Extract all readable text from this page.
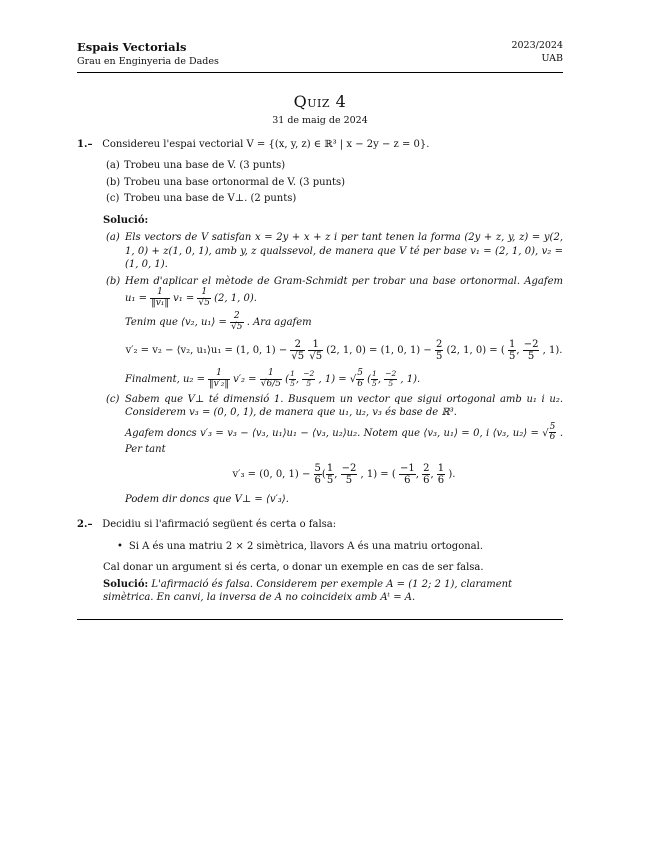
Espais Vectorials
Grau en Enginyeria de Dades
2023/2024
UAB
Quiz 4
31 de maig de 2024
1.– Considereu l'espai vectorial V = {(x, y, z) ∈ ℝ³ | x − 2y − z = 0}.
(a) Trobeu una base de V. (3 punts)
(b) Trobeu una base ortonormal de V. (3 punts)
(c) Trobeu una base de V⊥. (2 punts)
Solució:
(a) Els vectors de V satisfan x = 2y + x + z i per tant tenen la forma (2y + z, y, z) = y(2, 1, 0) + z(1, 0, 1), amb y, z qualssevol, de manera que V té per base v₁ = (2, 1, 0), v₂ = (1, 0, 1).
(b) Hem d'aplicar el mètode de Gram-Schmidt per trobar una base ortonormal. Agafem $u_1 = \frac{1}{\text{‖v₁‖}} v_1 = \frac{1}{√5} (2$, 1, 0).
Tenim que ⟨v₂, u₁⟩ = $\frac{2}{√5}$ . Ara agafem
v′₂ = v₂ − ⟨v₂, u₁⟩u₁ = (1, 0, $1) - \frac{2}{√5}$
$\frac{1}{√5} (2$, 1, 0) = (1, 0, $1) - \frac{2}{5} (2$, 1, 0) = ( $\frac{1}{5}$ , $\frac{-2}{5}$ , 1).
Finalment, $u_2 = \frac{1}{\text{‖v′₂‖}} v'_2 = \frac{1}{√6/5}$ ( $\frac{1}{5}$ , $\frac{-2}{5}$ , 1) = √ $\frac{5}{6}$ ( $\frac{1}{5}$ , $\frac{-2}{5}$ , 1).
(c) Sabem que V⊥ té dimensió 1. Busquem un vector que sigui ortogonal amb u₁ i u₂. Considerem v₃ = (0, 0, 1), de manera que u₁, u₂, v₃ és base de ℝ³.
Agafem doncs v′₃ = v₃ − ⟨v₃, u₁⟩u₁ − ⟨v₃, u₂⟩u₂. Notem que ⟨v₃, u₁⟩ = 0, i ⟨v₃, u₂⟩ = √ $\frac{5}{6}$ . Per tant
v′₃ = (0, 0, $1) - \frac{5}{6}$ ( $\frac{1}{5}$ , $\frac{-2}{5}$ , 1) = ( $\frac{-1}{6}$ , $\frac{2}{6}$ , $\frac{1}{6}$ ).
Podem dir doncs que V⊥ = ⟨v′₃⟩.
2.– Decidiu si l'afirmació següent és certa o falsa:
• Si A és una matriu 2 × 2 simètrica, llavors A és una matriu ortogonal.
Cal donar un argument si és certa, o donar un exemple en cas de ser falsa.
Solució: L'afirmació és falsa. Considerem per exemple A = (1 2; 2 1), clarament simètrica. En canvi, la inversa de A no coincideix amb Aᵗ = A.
